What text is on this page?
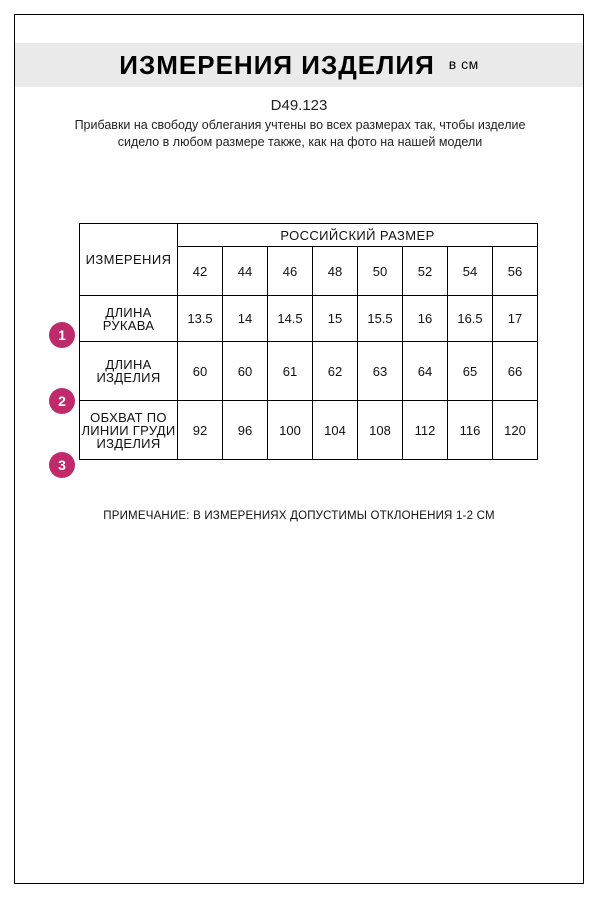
ИЗМЕРЕНИЯ ИЗДЕЛИЯ в см
D49.123
Прибавки на свободу облегания учтены во всех размерах так, чтобы изделие сидело в любом размере также, как на фото на нашей модели
ИЗМЕРЕНИЯ	РОССИЙСКИЙ РАЗМЕР							
	42	44	46	48	50	52	54	56
ДЛИНА РУКАВА	13.5	14	14.5	15	15.5	16	16.5	17
ДЛИНА ИЗДЕЛИЯ	60	60	61	62	63	64	65	66
ОБХВАТ ПО ЛИНИИ ГРУДИ ИЗДЕЛИЯ	92	96	100	104	108	112	116	120
1
2
3
ПРИМЕЧАНИЕ: В ИЗМЕРЕНИЯХ ДОПУСТИМЫ ОТКЛОНЕНИЯ 1-2 СМ
